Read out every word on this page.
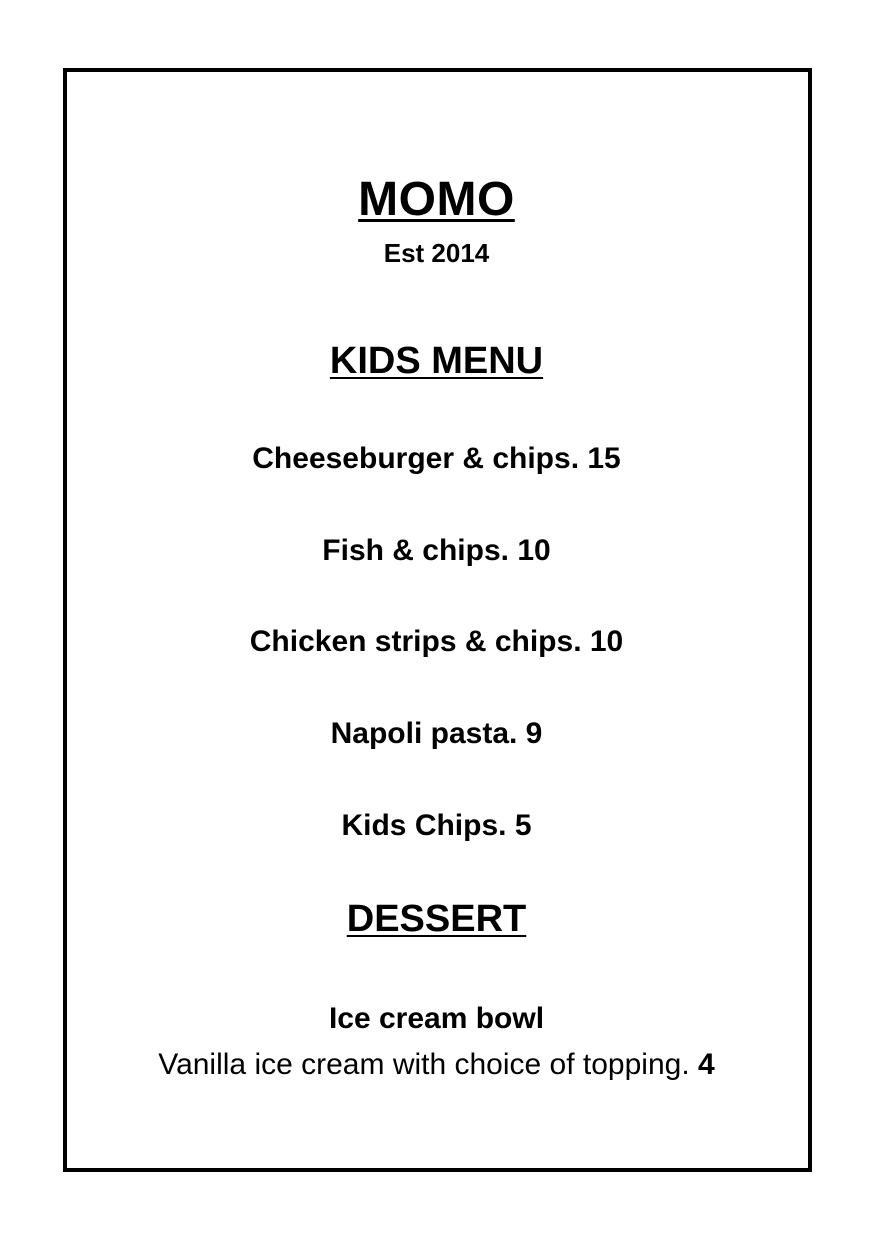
MOMO
Est 2014
KIDS MENU
Cheeseburger & chips. 15
Fish & chips. 10
Chicken strips & chips. 10
Napoli pasta. 9
Kids Chips. 5
DESSERT
Ice cream bowl
Vanilla ice cream with choice of topping. 4
